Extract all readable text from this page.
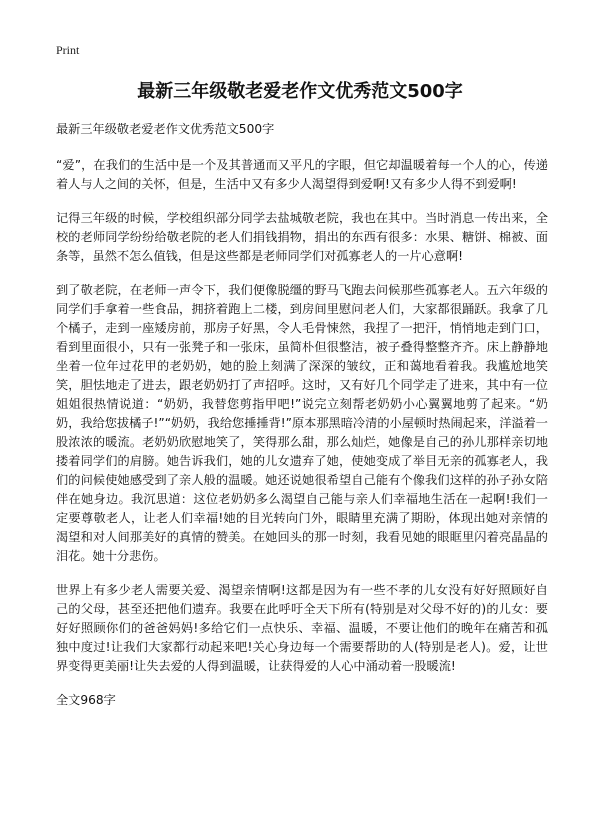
Print
最新三年级敬老爱老作文优秀范文500字

最新三年级敬老爱老作文优秀范文500字

“爱”，在我们的生活中是一个及其普通而又平凡的字眼，但它却温暖着每一个人的心，传递着人与人之间的关怀，但是，生活中又有多少人渴望得到爱啊!又有多少人得不到爱啊!

记得三年级的时候，学校组织部分同学去盐城敬老院，我也在其中。当时消息一传出来，全校的老师同学纷纷给敬老院的老人们捐钱捐物，捐出的东西有很多：水果、糖饼、棉被、面条等，虽然不怎么值钱，但是这些都是老师同学们对孤寡老人的一片心意啊!

到了敬老院，在老师一声令下，我们便像脱缰的野马飞跑去问候那些孤寡老人。五六年级的同学们手拿着一些食品，拥挤着跑上二楼，到房间里慰问老人们，大家都很踊跃。我拿了几个橘子，走到一座矮房前，那房子好黑，令人毛骨悚然，我捏了一把汗，悄悄地走到门口，看到里面很小，只有一张凳子和一张床，虽简朴但很整洁，被子叠得整整齐齐。床上静静地坐着一位年过花甲的老奶奶，她的脸上刻满了深深的皱纹，正和蔼地看着我。我尴尬地笑笑，胆怯地走了进去，跟老奶奶打了声招呼。这时，又有好几个同学走了进来，其中有一位姐姐很热情说道：“奶奶，我替您剪指甲吧!”说完立刻帮老奶奶小心翼翼地剪了起来。“奶奶，我给您拔橘子!”“奶奶，我给您捶捶背!”原本那黑暗冷清的小屋顿时热闹起来，洋溢着一股浓浓的暖流。老奶奶欣慰地笑了，笑得那么甜，那么灿烂，她像是自己的孙儿那样亲切地搂着同学们的肩膀。她告诉我们，她的儿女遗弃了她，使她变成了举目无亲的孤寡老人，我们的问候使她感受到了亲人般的温暖。她还说她很希望自己能有个像我们这样的孙子孙女陪伴在她身边。我沉思道：这位老奶奶多么渴望自己能与亲人们幸福地生活在一起啊!我们一定要尊敬老人，让老人们幸福!她的目光转向门外，眼睛里充满了期盼，体现出她对亲情的渴望和对人间那美好的真情的赞美。在她回头的那一时刻，我看见她的眼眶里闪着亮晶晶的泪花。她十分悲伤。

世界上有多少老人需要关爱、渴望亲情啊!这都是因为有一些不孝的儿女没有好好照顾好自己的父母，甚至还把他们遗弃。我要在此呼吁全天下所有(特别是对父母不好的)的儿女：要好好照顾你们的爸爸妈妈!多给它们一点快乐、幸福、温暖，不要让他们的晚年在痛苦和孤独中度过!让我们大家都行动起来吧!关心身边每一个需要帮助的人(特别是老人)。爱，让世界变得更美丽!让失去爱的人得到温暖，让获得爱的人心中涌动着一股暖流!

全文968字
